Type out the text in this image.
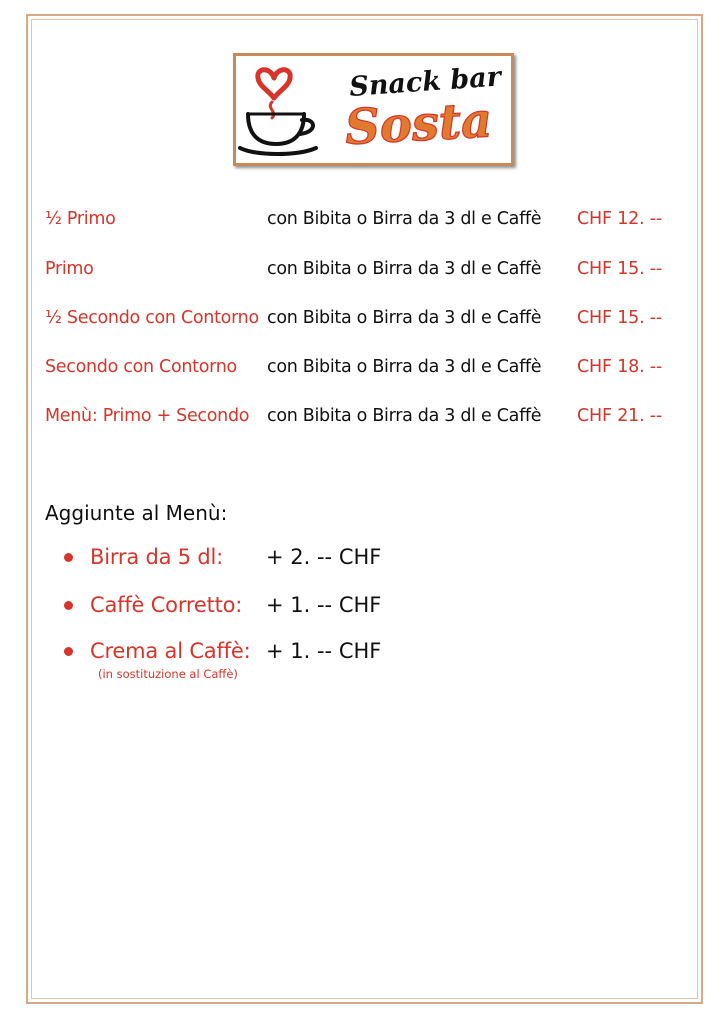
Snack bar
Sosta
½ Primo	con Bibita o Birra da 3 dl e Caffè CHF 12. --
Primo	con Bibita o Birra da 3 dl e Caffè CHF 15. --
½ Secondo con Contorno con Bibita o Birra da 3 dl e Caffè CHF 15. --
Secondo con Contorno con Bibita o Birra da 3 dl e Caffè CHF 18. --
Menù: Primo + Secondo con Bibita o Birra da 3 dl e Caffè CHF 21. --
Aggiunte al Menù:
Birra da 5 dl: + 2. -- CHF
Caffè Corretto: + 1. -- CHF
Crema al Caffè: + 1. -- CHF
(in sostituzione al Caffè)
